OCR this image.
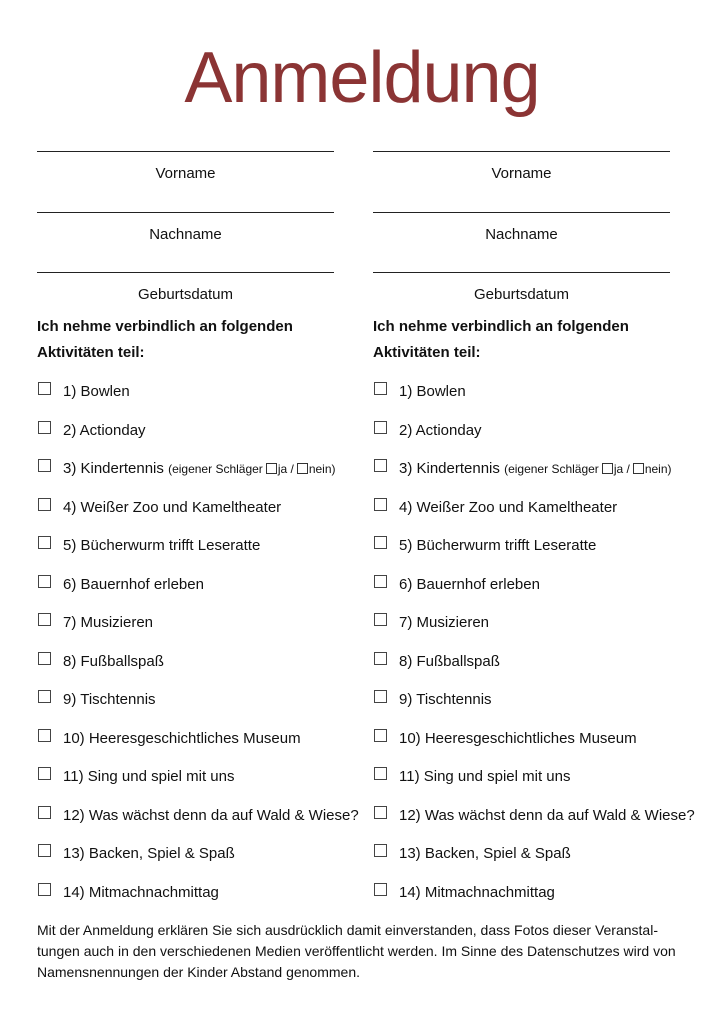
Anmeldung
Vorname
Nachname
Geburtsdatum
Ich nehme verbindlich an folgenden Aktivitäten teil:
1) Bowlen
2) Actionday
3) Kindertennis (eigener Schläger ja / nein)
4) Weißer Zoo und Kameltheater
5) Bücherwurm trifft Leseratte
6) Bauernhof erleben
7) Musizieren
8) Fußballspaß
9) Tischtennis
10) Heeresgeschichtliches Museum
11) Sing und spiel mit uns
12) Was wächst denn da auf Wald & Wiese?
13) Backen, Spiel & Spaß
14) Mitmachnachmittag
Vorname
Nachname
Geburtsdatum
Ich nehme verbindlich an folgenden Aktivitäten teil:
1) Bowlen
2) Actionday
3) Kindertennis (eigener Schläger ja / nein)
4) Weißer Zoo und Kameltheater
5) Bücherwurm trifft Leseratte
6) Bauernhof erleben
7) Musizieren
8) Fußballspaß
9) Tischtennis
10) Heeresgeschichtliches Museum
11) Sing und spiel mit uns
12) Was wächst denn da auf Wald & Wiese?
13) Backen, Spiel & Spaß
14) Mitmachnachmittag
Mit der Anmeldung erklären Sie sich ausdrücklich damit einverstanden, dass Fotos dieser Veranstal-tungen auch in den verschiedenen Medien veröffentlicht werden. Im Sinne des Datenschutzes wird von Namensnennungen der Kinder Abstand genommen.
